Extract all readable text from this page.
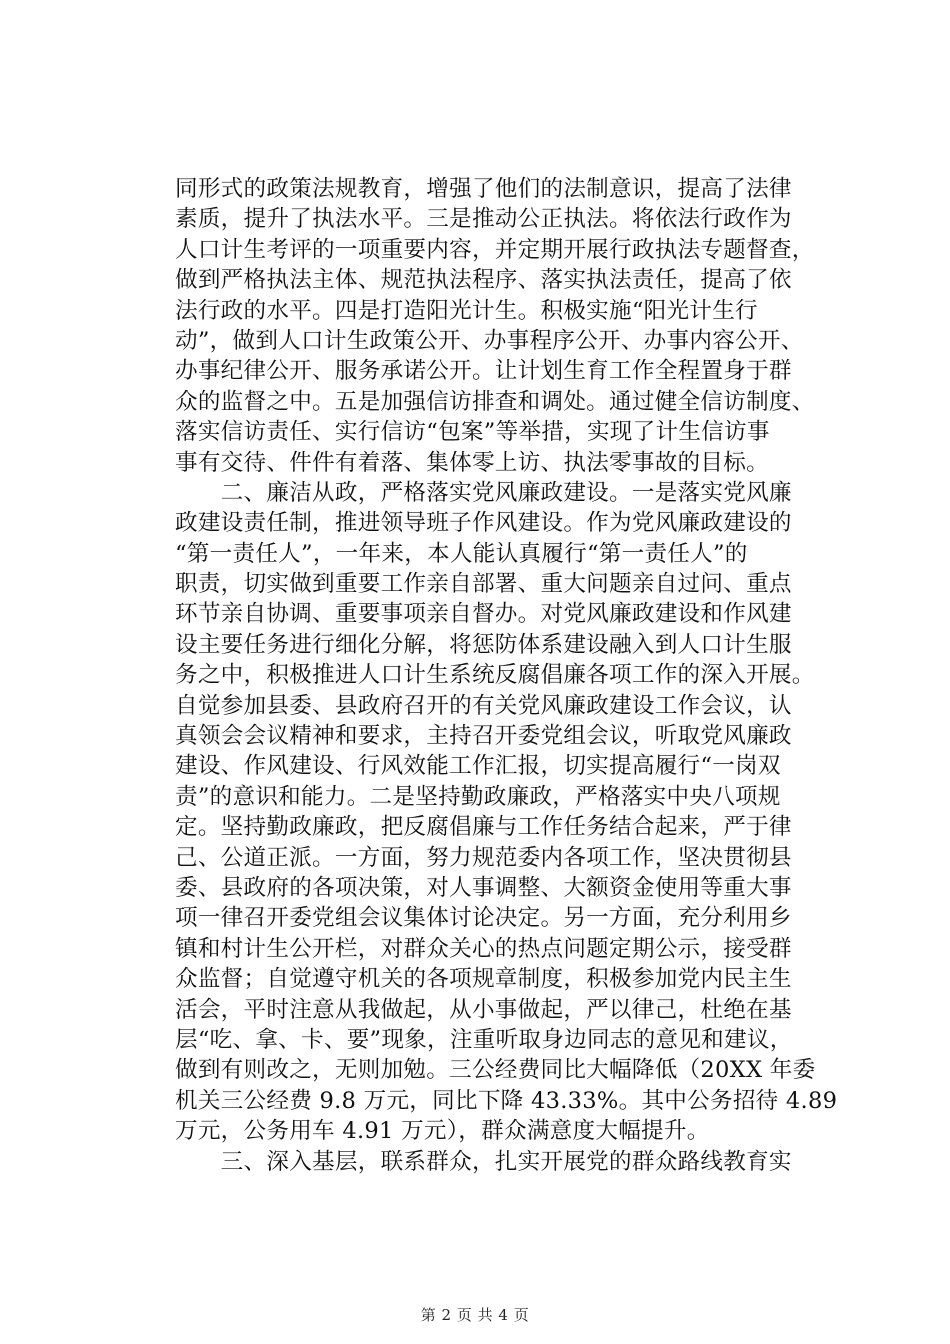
同形式的政策法规教育，增强了他们的法制意识，提高了法律
素质，提升了执法水平。三是推动公正执法。将依法行政作为
人口计生考评的一项重要内容，并定期开展行政执法专题督查，
做到严格执法主体、规范执法程序、落实执法责任，提高了依
法行政的水平。四是打造阳光计生。积极实施“阳光计生行
动”，做到人口计生政策公开、办事程序公开、办事内容公开、
办事纪律公开、服务承诺公开。让计划生育工作全程置身于群
众的监督之中。五是加强信访排查和调处。通过健全信访制度、
落实信访责任、实行信访“包案”等举措，实现了计生信访事
事有交待、件件有着落、集体零上访、执法零事故的目标。
　　二、廉洁从政，严格落实党风廉政建设。一是落实党风廉
政建设责任制，推进领导班子作风建设。作为党风廉政建设的
“第一责任人”，一年来，本人能认真履行“第一责任人”的
职责，切实做到重要工作亲自部署、重大问题亲自过问、重点
环节亲自协调、重要事项亲自督办。对党风廉政建设和作风建
设主要任务进行细化分解，将惩防体系建设融入到人口计生服
务之中，积极推进人口计生系统反腐倡廉各项工作的深入开展。
自觉参加县委、县政府召开的有关党风廉政建设工作会议，认
真领会会议精神和要求，主持召开委党组会议，听取党风廉政
建设、作风建设、行风效能工作汇报，切实提高履行“一岗双
责”的意识和能力。二是坚持勤政廉政，严格落实中央八项规
定。坚持勤政廉政，把反腐倡廉与工作任务结合起来，严于律
己、公道正派。一方面，努力规范委内各项工作，坚决贯彻县
委、县政府的各项决策，对人事调整、大额资金使用等重大事
项一律召开委党组会议集体讨论决定。另一方面，充分利用乡
镇和村计生公开栏，对群众关心的热点问题定期公示，接受群
众监督；自觉遵守机关的各项规章制度，积极参加党内民主生
活会，平时注意从我做起，从小事做起，严以律己，杜绝在基
层“吃、拿、卡、要”现象，注重听取身边同志的意见和建议，
做到有则改之，无则加勉。三公经费同比大幅降低（20XX 年委
机关三公经费 9.8 万元，同比下降 43.33%。其中公务招待 4.89
万元，公务用车 4.91 万元），群众满意度大幅提升。
　　三、深入基层，联系群众，扎实开展党的群众路线教育实
第 2 页 共 4 页
